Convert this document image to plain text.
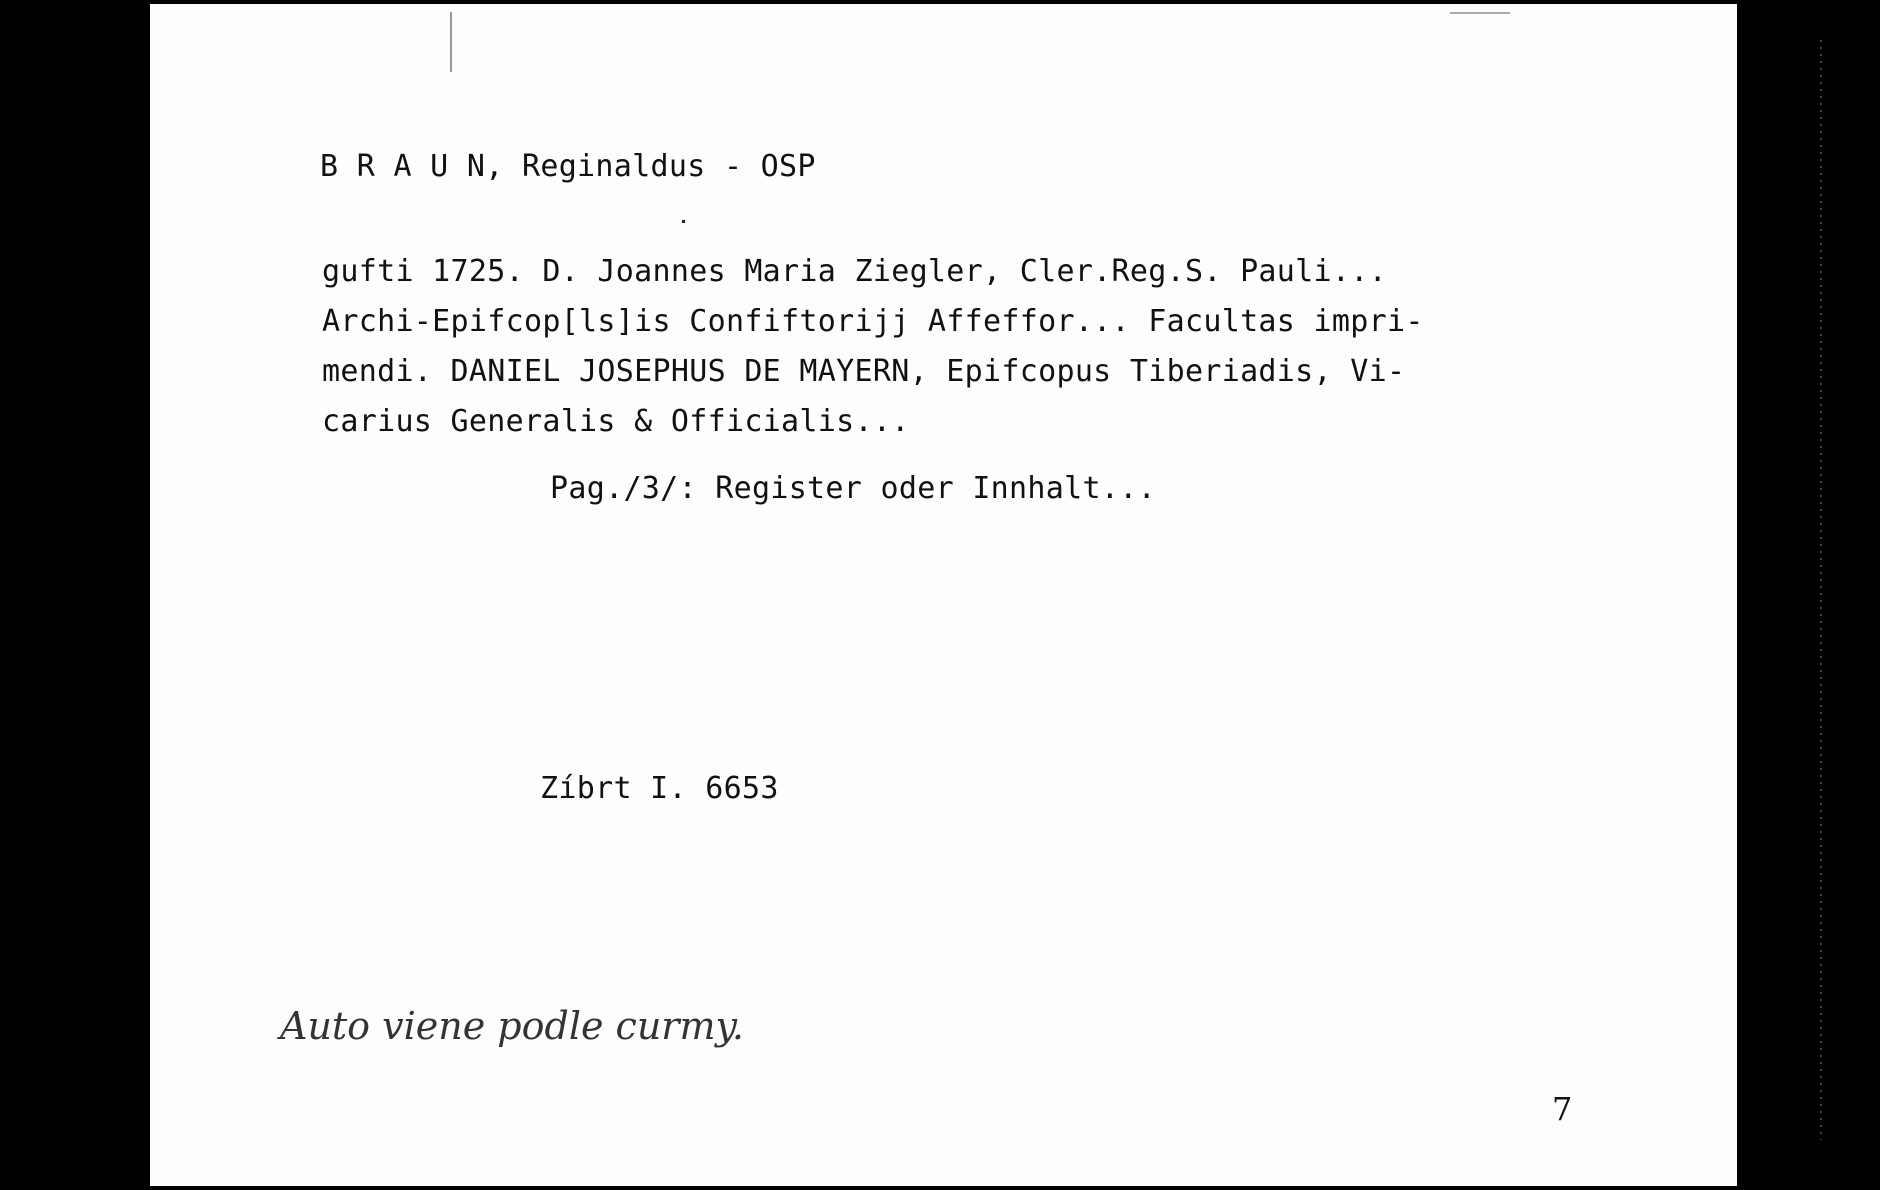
B R A U N, Reginaldus - OSP

gufti 1725. D. Joannes Maria Ziegler, Cler.Reg.S. Pauli...

Archi-Epifcop[ls]is Confiftorijj Affeffor... Facultas impri-

mendi. DANIEL JOSEPHUS DE MAYERN, Epifcopus Tiberiadis, Vi-

carius Generalis & Officialis...

Pag./3/: Register oder Innhalt...

Zíbrt I. 6653

Auto viene podle curmy.
7
